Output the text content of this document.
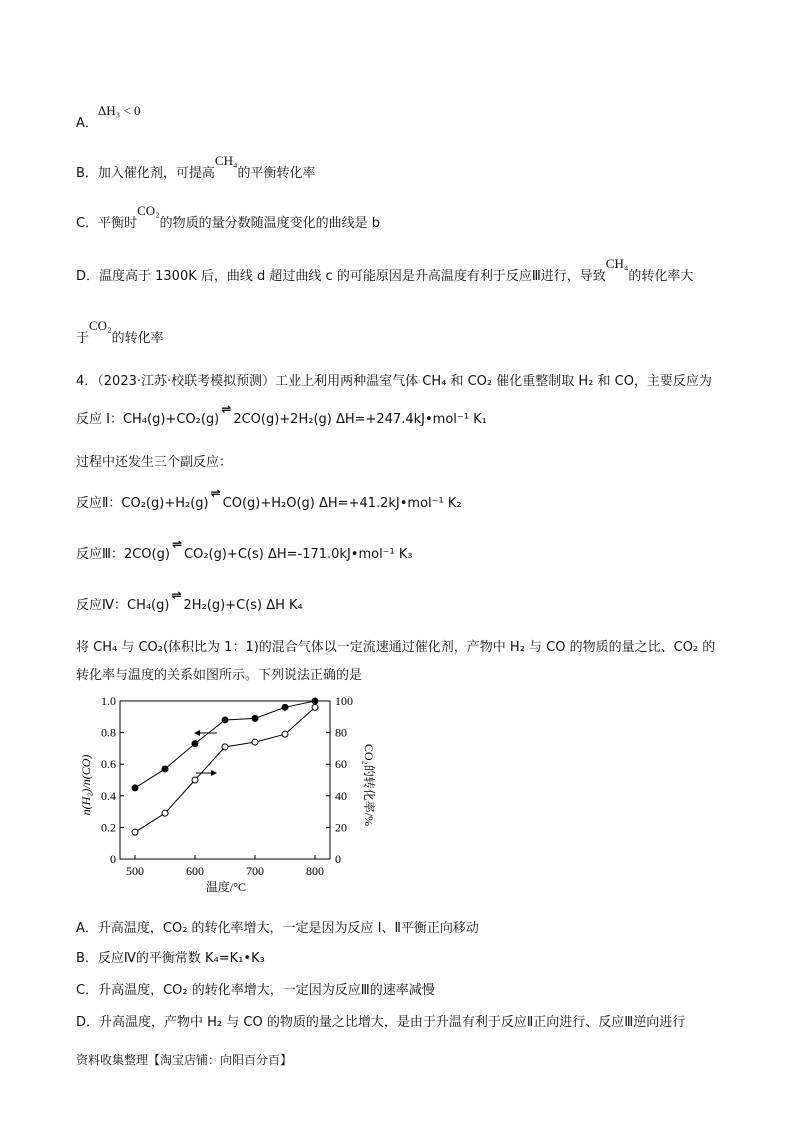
A．ΔH₃ < 0
B．加入催化剂，可提高CH₄的平衡转化率
C．平衡时CO₂的物质的量分数随温度变化的曲线是 b
D．温度高于 1300K 后，曲线 d 超过曲线 c 的可能原因是升高温度有利于反应Ⅲ进行，导致CH₄的转化率大
于CO₂的转化率
4．（2023·江苏·校联考模拟预测）工业上利用两种温室气体 CH₄ 和 CO₂ 催化重整制取 H₂ 和 CO，主要反应为
反应 I：CH₄(g)+CO₂(g)⇌2CO(g)+2H₂(g) ΔH=+247.4kJ•mol⁻¹ K₁
过程中还发生三个副反应：
反应Ⅱ：CO₂(g)+H₂(g)⇌CO(g)+H₂O(g) ΔH=+41.2kJ•mol⁻¹ K₂
反应Ⅲ：2CO(g)⇌CO₂(g)+C(s) ΔH=-171.0kJ•mol⁻¹ K₃
反应Ⅳ：CH₄(g)⇌2H₂(g)+C(s) ΔH K₄
将 CH₄ 与 CO₂(体积比为 1：1)的混合气体以一定流速通过催化剂，产物中 H₂ 与 CO 的物质的量之比、CO₂ 的
转化率与温度的关系如图所示。下列说法正确的是
0
0.2
0.4
0.6
0.8
1.0
0
20
40
60
80
100
500	600	700	800
n(H₂)/n(CO)	CO₂的转化率/%
温度/°C
A．升高温度，CO₂ 的转化率增大，一定是因为反应 I、Ⅱ平衡正向移动
B．反应Ⅳ的平衡常数 K₄=K₁•K₃
C．升高温度，CO₂ 的转化率增大，一定因为反应Ⅲ的速率减慢
D．升高温度，产物中 H₂ 与 CO 的物质的量之比增大，是由于升温有利于反应Ⅱ正向进行、反应Ⅲ逆向进行
资料收集整理【淘宝店铺：向阳百分百】
